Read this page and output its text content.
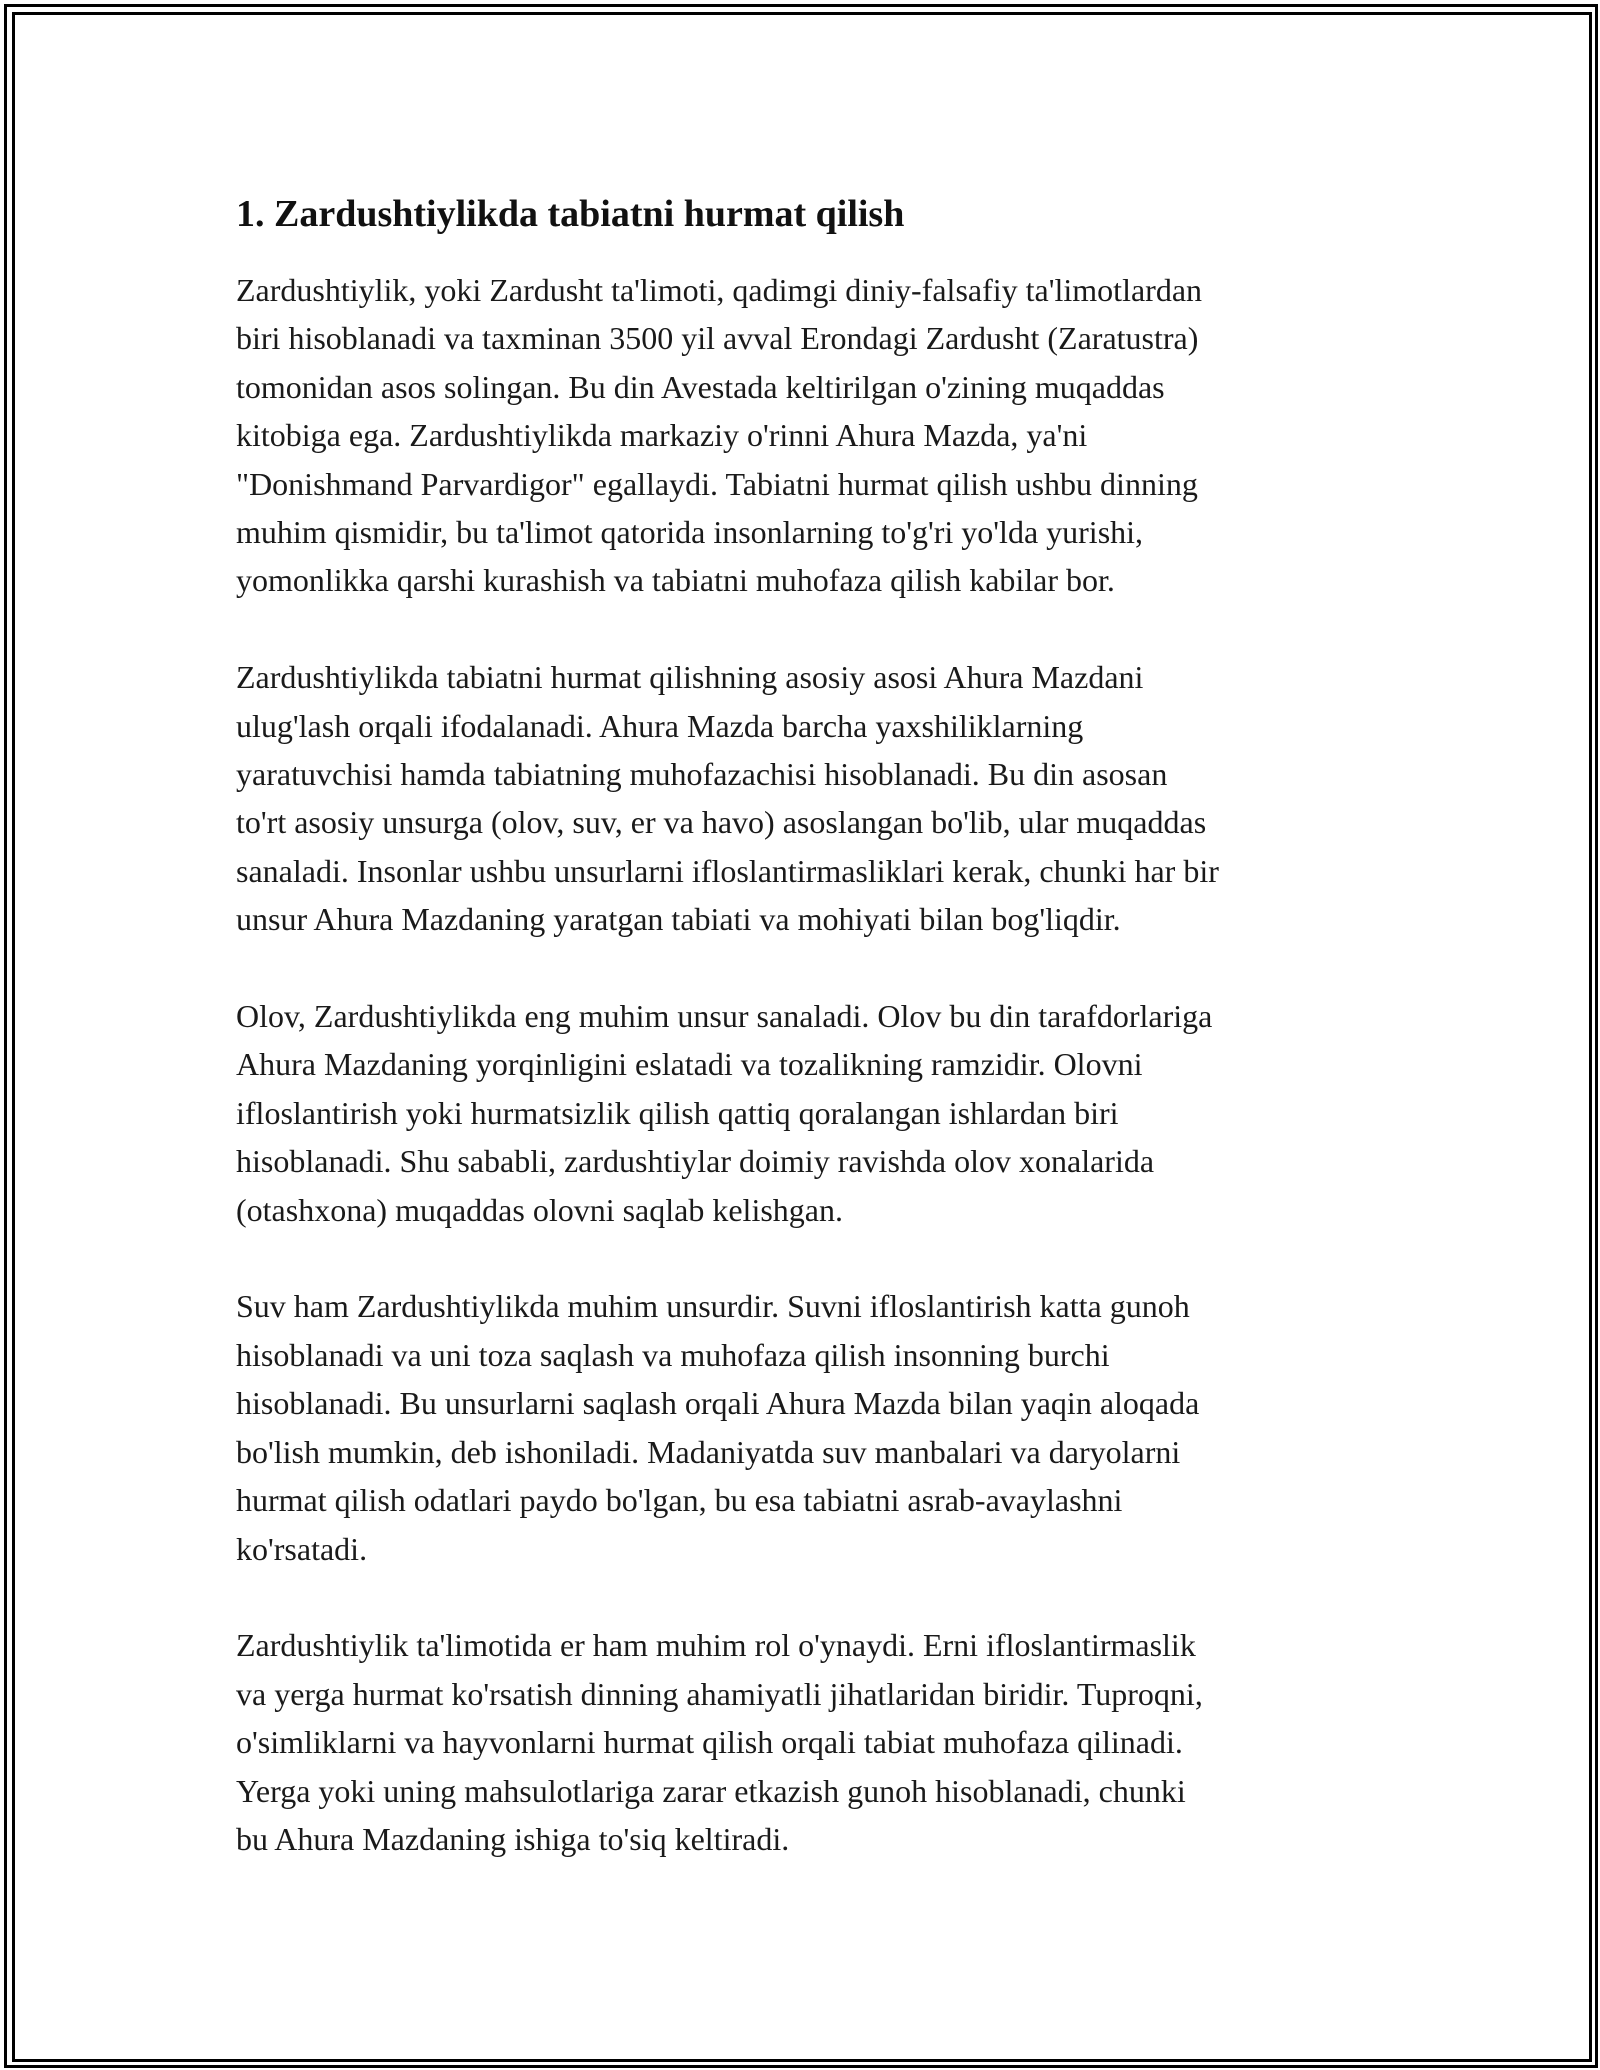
1. Zardushtiylikda tabiatni hurmat qilish

Zardushtiylik, yoki Zardusht ta'limoti, qadimgi diniy-falsafiy ta'limotlardan
biri hisoblanadi va taxminan 3500 yil avval Erondagi Zardusht (Zaratustra)
tomonidan asos solingan. Bu din Avestada keltirilgan o'zining muqaddas
kitobiga ega. Zardushtiylikda markaziy o'rinni Ahura Mazda, ya'ni
"Donishmand Parvardigor" egallaydi. Tabiatni hurmat qilish ushbu dinning
muhim qismidir, bu ta'limot qatorida insonlarning to'g'ri yo'lda yurishi,
yomonlikka qarshi kurashish va tabiatni muhofaza qilish kabilar bor.

Zardushtiylikda tabiatni hurmat qilishning asosiy asosi Ahura Mazdani
ulug'lash orqali ifodalanadi. Ahura Mazda barcha yaxshiliklarning
yaratuvchisi hamda tabiatning muhofazachisi hisoblanadi. Bu din asosan
to'rt asosiy unsurga (olov, suv, er va havo) asoslangan bo'lib, ular muqaddas
sanaladi. Insonlar ushbu unsurlarni ifloslantirmasliklari kerak, chunki har bir
unsur Ahura Mazdaning yaratgan tabiati va mohiyati bilan bog'liqdir.

Olov, Zardushtiylikda eng muhim unsur sanaladi. Olov bu din tarafdorlariga
Ahura Mazdaning yorqinligini eslatadi va tozalikning ramzidir. Olovni
ifloslantirish yoki hurmatsizlik qilish qattiq qoralangan ishlardan biri
hisoblanadi. Shu sababli, zardushtiylar doimiy ravishda olov xonalarida
(otashxona) muqaddas olovni saqlab kelishgan.

Suv ham Zardushtiylikda muhim unsurdir. Suvni ifloslantirish katta gunoh
hisoblanadi va uni toza saqlash va muhofaza qilish insonning burchi
hisoblanadi. Bu unsurlarni saqlash orqali Ahura Mazda bilan yaqin aloqada
bo'lish mumkin, deb ishoniladi. Madaniyatda suv manbalari va daryolarni
hurmat qilish odatlari paydo bo'lgan, bu esa tabiatni asrab-avaylashni
ko'rsatadi.

Zardushtiylik ta'limotida er ham muhim rol o'ynaydi. Erni ifloslantirmaslik
va yerga hurmat ko'rsatish dinning ahamiyatli jihatlaridan biridir. Tuproqni,
o'simliklarni va hayvonlarni hurmat qilish orqali tabiat muhofaza qilinadi.
Yerga yoki uning mahsulotlariga zarar etkazish gunoh hisoblanadi, chunki
bu Ahura Mazdaning ishiga to'siq keltiradi.
